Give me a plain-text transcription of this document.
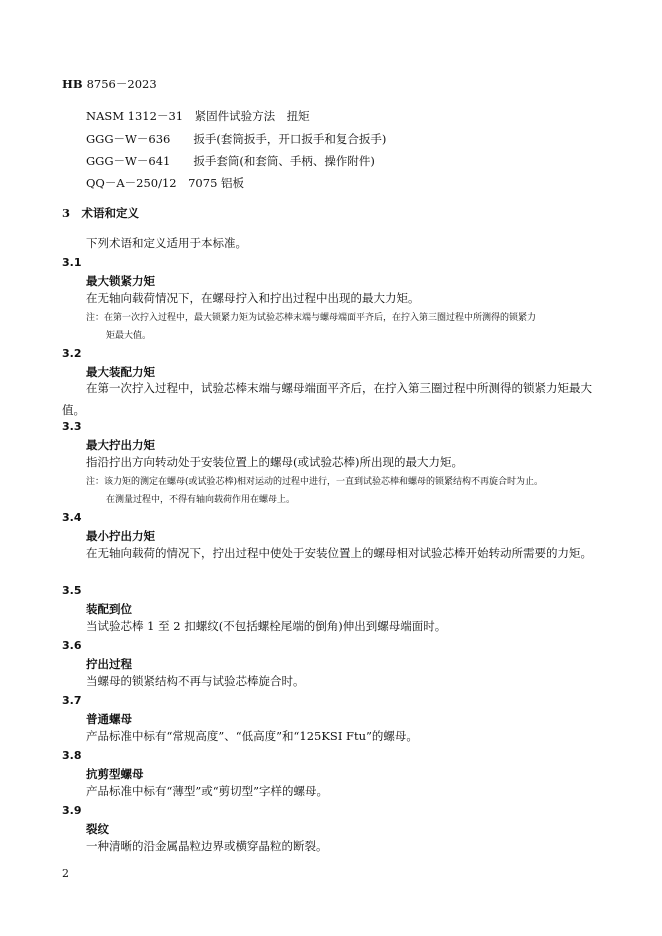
HB 8756－2023
NASM 1312－31　紧固件试验方法　扭矩
GGG－W－636　　扳手(套筒扳手，开口扳手和复合扳手)
GGG－W－641　　扳手套筒(和套筒、手柄、操作附件)
QQ－A－250/12　7075 铝板
3　术语和定义
下列术语和定义适用于本标准。
3.1
最大锁紧力矩
在无轴向载荷情况下，在螺母拧入和拧出过程中出现的最大力矩。
注：在第一次拧入过程中，最大锁紧力矩为试验芯棒末端与螺母端面平齐后，在拧入第三圈过程中所测得的锁紧力
矩最大值。
3.2
最大装配力矩
在第一次拧入过程中，试验芯棒末端与螺母端面平齐后，在拧入第三圈过程中所测得的锁紧力矩最大值。
3.3
最大拧出力矩
指沿拧出方向转动处于安装位置上的螺母(或试验芯棒)所出现的最大力矩。
注：该力矩的测定在螺母(或试验芯棒)相对运动的过程中进行，一直到试验芯棒和螺母的锁紧结构不再旋合时为止。
在测量过程中，不得有轴向载荷作用在螺母上。
3.4
最小拧出力矩
在无轴向载荷的情况下，拧出过程中使处于安装位置上的螺母相对试验芯棒开始转动所需要的力矩。
3.5
装配到位
当试验芯棒 1 至 2 扣螺纹(不包括螺栓尾端的倒角)伸出到螺母端面时。
3.6
拧出过程
当螺母的锁紧结构不再与试验芯棒旋合时。
3.7
普通螺母
产品标准中标有“常规高度”、“低高度”和“125KSI Ftu”的螺母。
3.8
抗剪型螺母
产品标准中标有“薄型”或“剪切型”字样的螺母。
3.9
裂纹
一种清晰的沿金属晶粒边界或横穿晶粒的断裂。
2
